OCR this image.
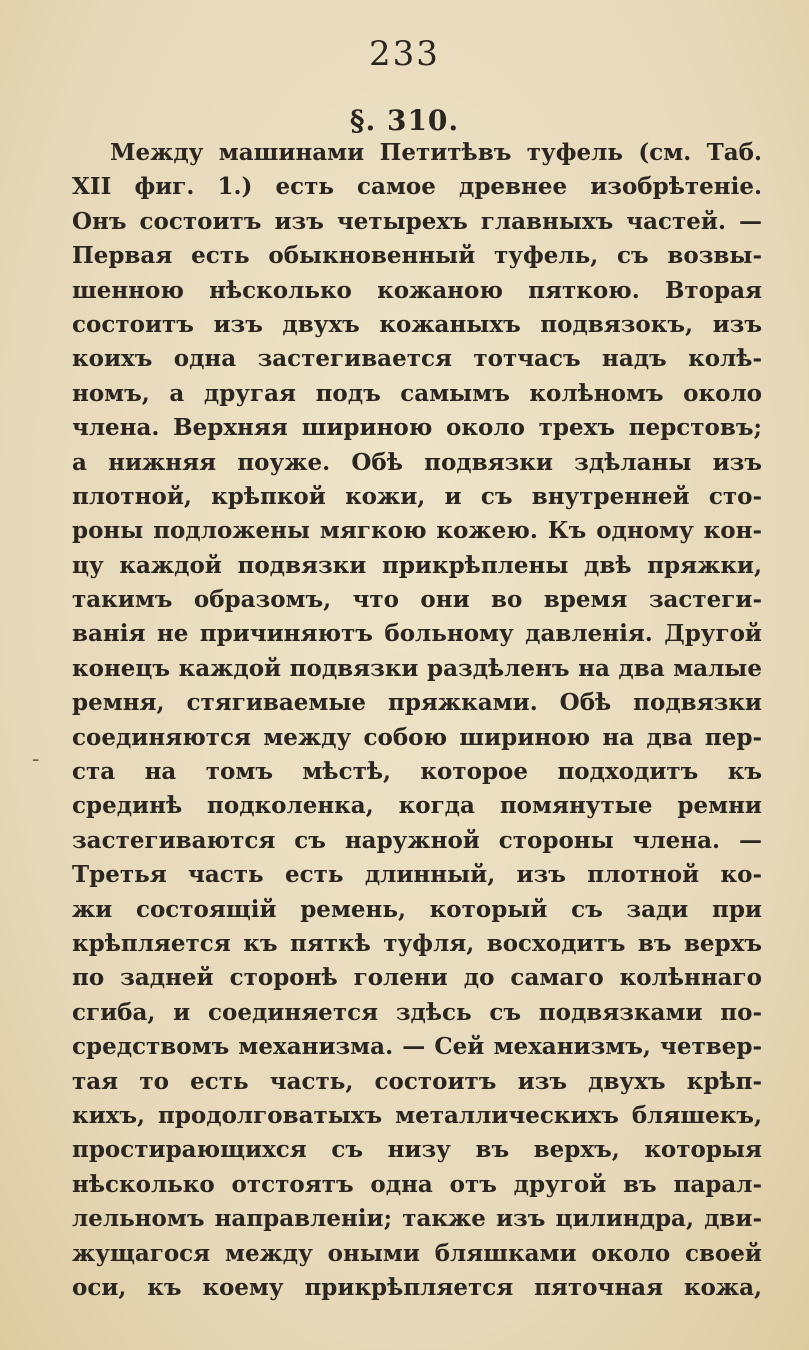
233
§. 310.
-
Между машинами Петитѣвъ туфель (см. Таб.
XII фиг. 1.) есть самое древнее изобрѣтеніе.
Онъ состоитъ изъ четырехъ главныхъ частей. —
Первая есть обыкновенный туфель, съ возвы-
шенною нѣсколько кожаною пяткою. Вторая
состоитъ изъ двухъ кожаныхъ подвязокъ, изъ
коихъ одна застегивается тотчасъ надъ колѣ-
номъ, а другая подъ самымъ колѣномъ около
члена. Верхняя шириною около трехъ перстовъ;
а нижняя поуже. Обѣ подвязки здѣланы изъ
плотной, крѣпкой кожи, и съ внутренней сто-
роны подложены мягкою кожею. Къ одному кон-
цу каждой подвязки прикрѣплены двѣ пряжки,
такимъ образомъ, что они во время застеги-
ванія не причиняютъ больному давленія. Другой
конецъ каждой подвязки раздѣленъ на два малые
ремня, стягиваемые пряжками. Обѣ подвязки
соединяются между собою шириною на два пер-
ста на томъ мѣстѣ, которое подходитъ къ
срединѣ подколенка, когда помянутые ремни
застегиваются съ наружной стороны члена. —
Третья часть есть длинный, изъ плотной ко-
жи состоящій ремень, который съ зади при
крѣпляется къ пяткѣ туфля, восходитъ въ верхъ
по задней сторонѣ голени до самаго колѣннаго
сгиба, и соединяется здѣсь съ подвязками по-
средствомъ механизма. — Сей механизмъ, четвер-
тая то есть часть, состоитъ изъ двухъ крѣп-
кихъ, продолговатыхъ металлическихъ бляшекъ,
простирающихся съ низу въ верхъ, которыя
нѣсколько отстоятъ одна отъ другой въ парал-
лельномъ направленіи; также изъ цилиндра, дви-
жущагося между оными бляшками около своей
оси, къ коему прикрѣпляется пяточная кожа,
